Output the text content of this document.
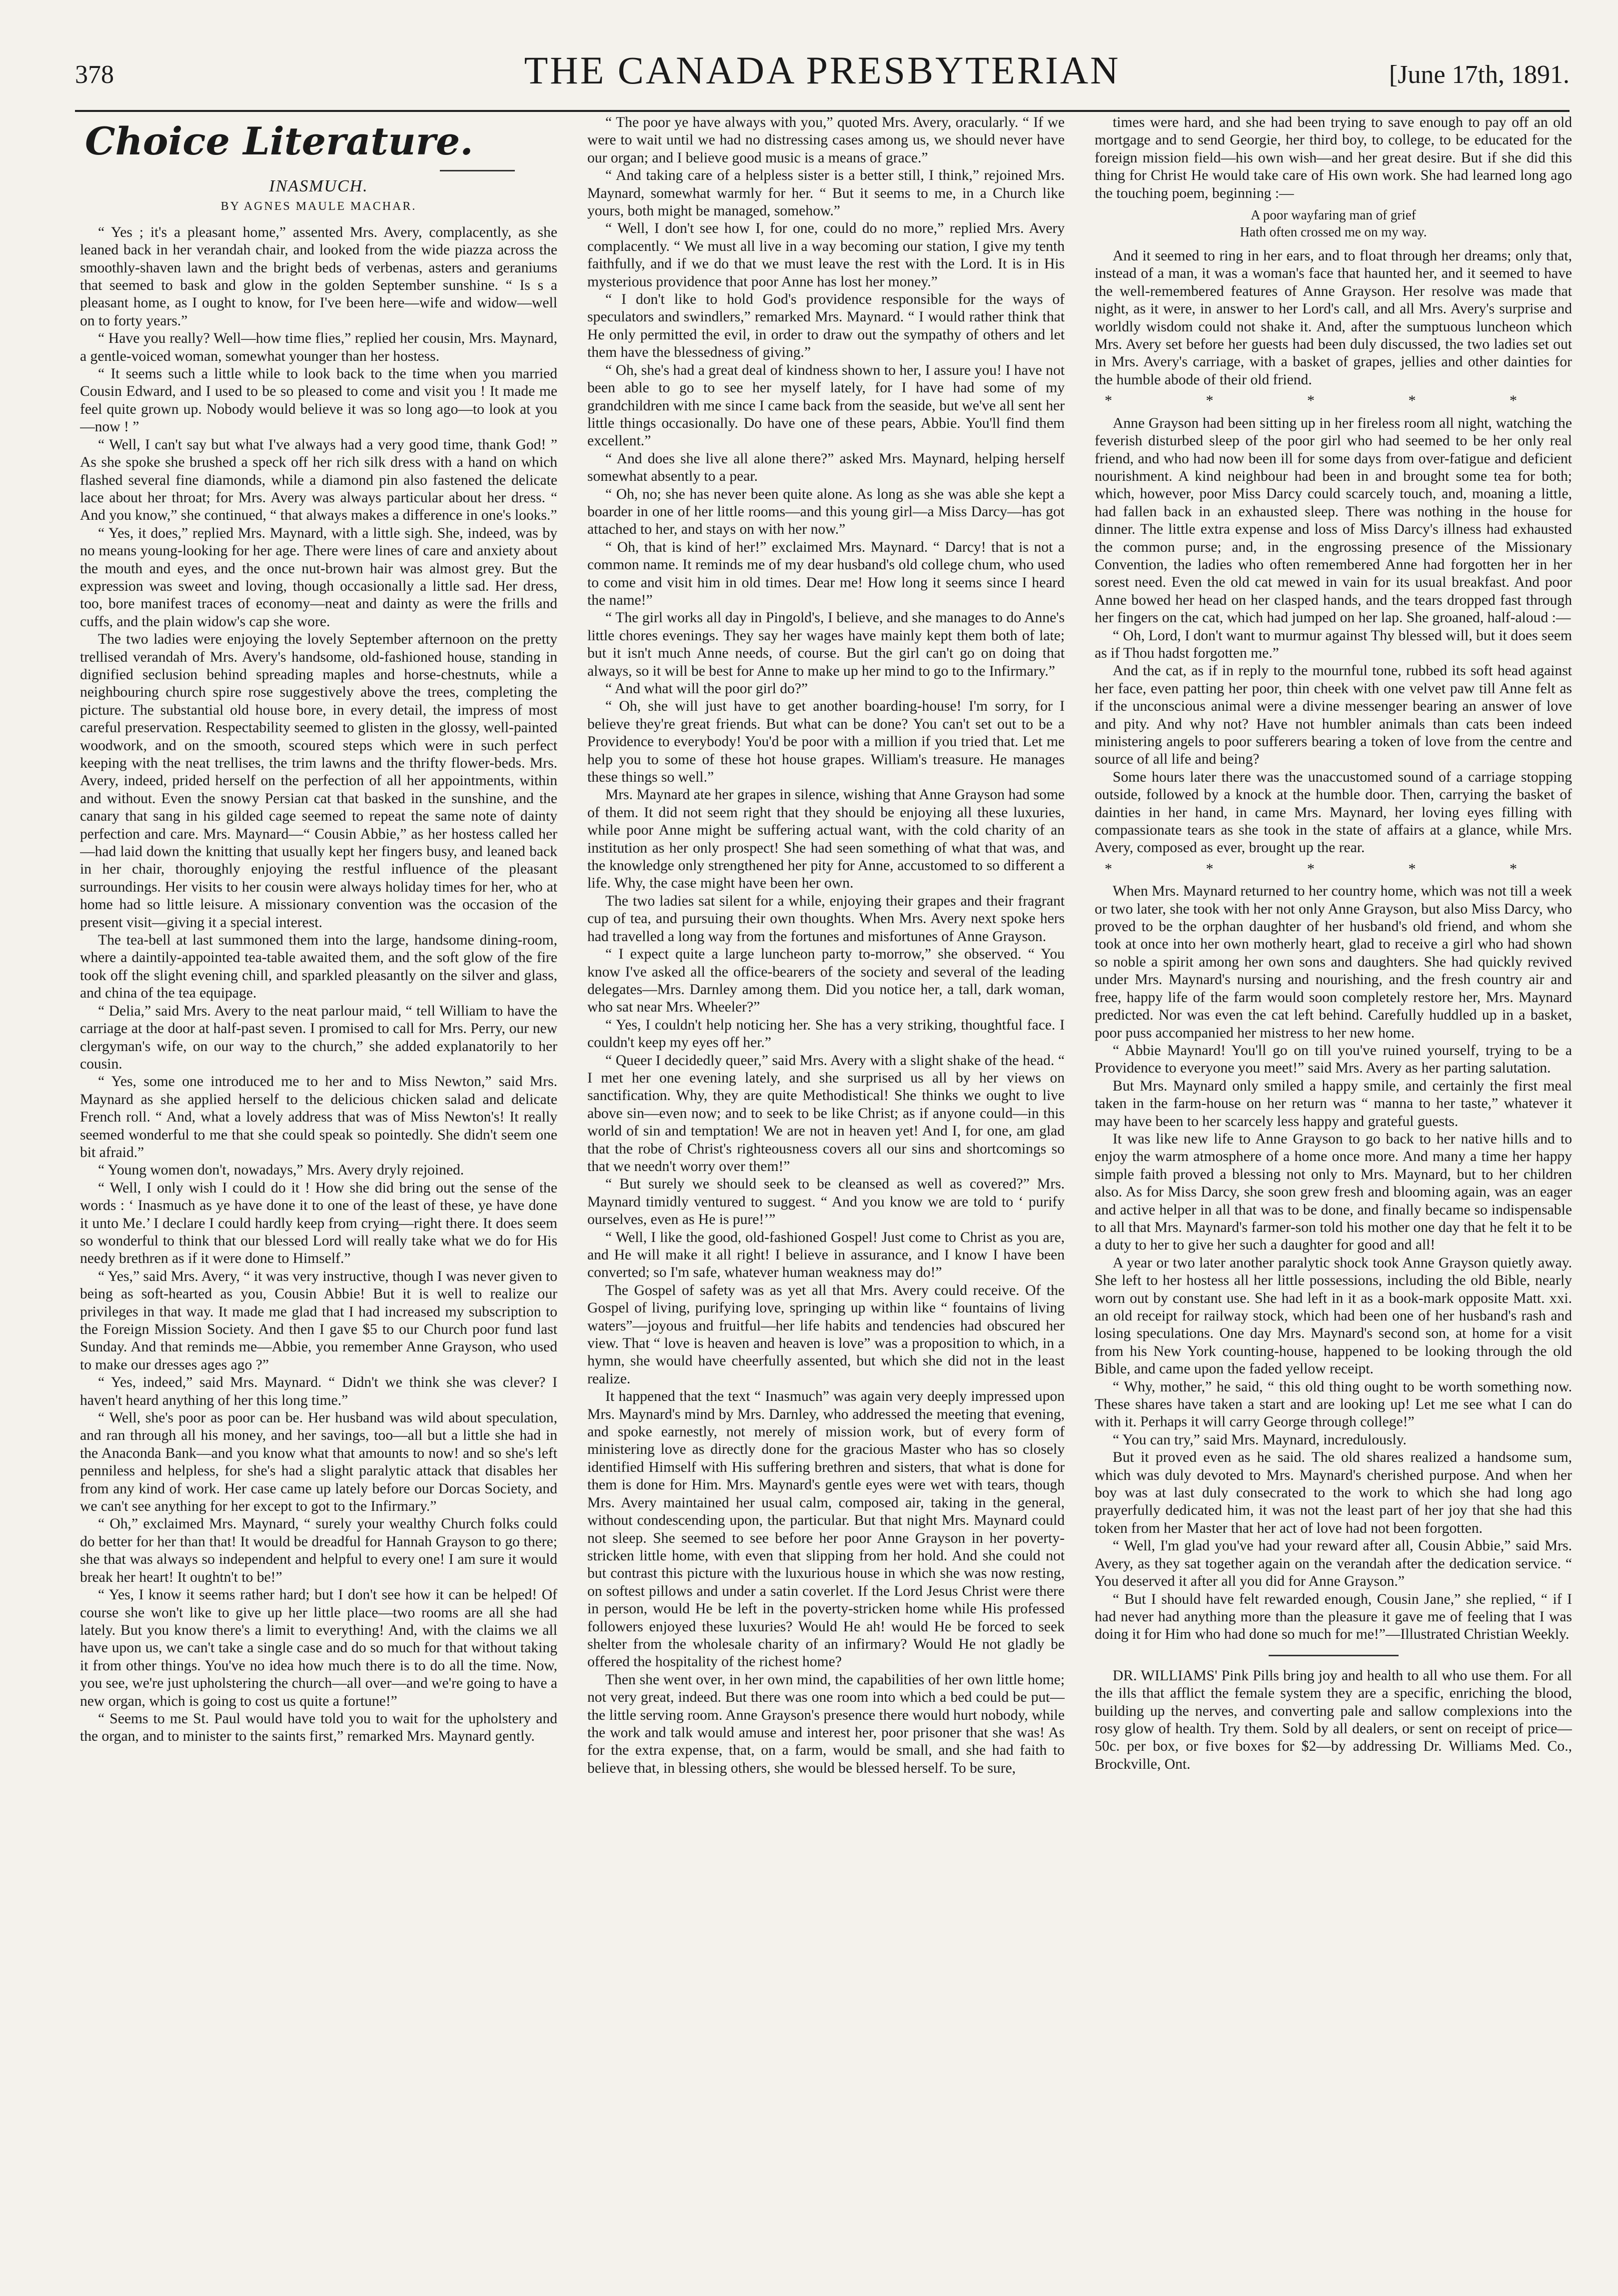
378	THE CANADA PRESBYTERIAN	[June 17th, 1891.
Choice Literature.
INASMUCH.
BY AGNES MAULE MACHAR.

“ Yes ; it's a pleasant home,” assented Mrs. Avery, complacently, as she leaned back in her verandah chair, and looked from the wide piazza across the smoothly-shaven lawn and the bright beds of verbenas, asters and geraniums that seemed to bask and glow in the golden September sunshine. “ Is s a pleasant home, as I ought to know, for I've been here—wife and widow—well on to forty years.”

“ Have you really? Well—how time flies,” replied her cousin, Mrs. Maynard, a gentle-voiced woman, somewhat younger than her hostess.

“ It seems such a little while to look back to the time when you married Cousin Edward, and I used to be so pleased to come and visit you ! It made me feel quite grown up. Nobody would believe it was so long ago—to look at you—now ! ”

“ Well, I can't say but what I've always had a very good time, thank God! ” As she spoke she brushed a speck off her rich silk dress with a hand on which flashed several fine diamonds, while a diamond pin also fastened the delicate lace about her throat; for Mrs. Avery was always particular about her dress. “ And you know,” she continued, “ that always makes a difference in one's looks.”

“ Yes, it does,” replied Mrs. Maynard, with a little sigh. She, indeed, was by no means young-looking for her age. There were lines of care and anxiety about the mouth and eyes, and the once nut-brown hair was almost grey. But the expression was sweet and loving, though occasionally a little sad. Her dress, too, bore manifest traces of economy—neat and dainty as were the frills and cuffs, and the plain widow's cap she wore.

The two ladies were enjoying the lovely September afternoon on the pretty trellised verandah of Mrs. Avery's handsome, old-fashioned house, standing in dignified seclusion behind spreading maples and horse-chestnuts, while a neighbouring church spire rose suggestively above the trees, completing the picture. The substantial old house bore, in every detail, the impress of most careful preservation. Respectability seemed to glisten in the glossy, well-painted woodwork, and on the smooth, scoured steps which were in such perfect keeping with the neat trellises, the trim lawns and the thrifty flower-beds. Mrs. Avery, indeed, prided herself on the perfection of all her appointments, within and without. Even the snowy Persian cat that basked in the sunshine, and the canary that sang in his gilded cage seemed to repeat the same note of dainty perfection and care. Mrs. Maynard—“ Cousin Abbie,” as her hostess called her—had laid down the knitting that usually kept her fingers busy, and leaned back in her chair, thoroughly enjoying the restful influence of the pleasant surroundings. Her visits to her cousin were always holiday times for her, who at home had so little leisure. A missionary convention was the occasion of the present visit—giving it a special interest.

The tea-bell at last summoned them into the large, handsome dining-room, where a daintily-appointed tea-table awaited them, and the soft glow of the fire took off the slight evening chill, and sparkled pleasantly on the silver and glass, and china of the tea equipage.

“ Delia,” said Mrs. Avery to the neat parlour maid, “ tell William to have the carriage at the door at half-past seven. I promised to call for Mrs. Perry, our new clergyman's wife, on our way to the church,” she added explanatorily to her cousin.

“ Yes, some one introduced me to her and to Miss Newton,” said Mrs. Maynard as she applied herself to the delicious chicken salad and delicate French roll. “ And, what a lovely address that was of Miss Newton's! It really seemed wonderful to me that she could speak so pointedly. She didn't seem one bit afraid.”

“ Young women don't, nowadays,” Mrs. Avery dryly rejoined.

“ Well, I only wish I could do it ! How she did bring out the sense of the words : ‘ Inasmuch as ye have done it to one of the least of these, ye have done it unto Me.’ I declare I could hardly keep from crying—right there. It does seem so wonderful to think that our blessed Lord will really take what we do for His needy brethren as if it were done to Himself.”

“ Yes,” said Mrs. Avery, “ it was very instructive, though I was never given to being as soft-hearted as you, Cousin Abbie! But it is well to realize our privileges in that way. It made me glad that I had increased my subscription to the Foreign Mission Society. And then I gave $5 to our Church poor fund last Sunday. And that reminds me—Abbie, you remember Anne Grayson, who used to make our dresses ages ago ?”

“ Yes, indeed,” said Mrs. Maynard. “ Didn't we think she was clever? I haven't heard anything of her this long time.”

“ Well, she's poor as poor can be. Her husband was wild about speculation, and ran through all his money, and her savings, too—all but a little she had in the Anaconda Bank—and you know what that amounts to now! and so she's left penniless and helpless, for she's had a slight paralytic attack that disables her from any kind of work. Her case came up lately before our Dorcas Society, and we can't see anything for her except to got to the Infirmary.”

“ Oh,” exclaimed Mrs. Maynard, “ surely your wealthy Church folks could do better for her than that! It would be dreadful for Hannah Grayson to go there; she that was always so independent and helpful to every one! I am sure it would break her heart! It oughtn't to be!”

“ Yes, I know it seems rather hard; but I don't see how it can be helped! Of course she won't like to give up her little place—two rooms are all she had lately. But you know there's a limit to everything! And, with the claims we all have upon us, we can't take a single case and do so much for that without taking it from other things. You've no idea how much there is to do all the time. Now, you see, we're just upholstering the church—all over—and we're going to have a new organ, which is going to cost us quite a fortune!”

“ Seems to me St. Paul would have told you to wait for the upholstery and the organ, and to minister to the saints first,” remarked Mrs. Maynard gently.

“ The poor ye have always with you,” quoted Mrs. Avery, oracularly. “ If we were to wait until we had no distressing cases among us, we should never have our organ; and I believe good music is a means of grace.”

“ And taking care of a helpless sister is a better still, I think,” rejoined Mrs. Maynard, somewhat warmly for her. “ But it seems to me, in a Church like yours, both might be managed, somehow.”

“ Well, I don't see how I, for one, could do no more,” replied Mrs. Avery complacently. “ We must all live in a way becoming our station, I give my tenth faithfully, and if we do that we must leave the rest with the Lord. It is in His mysterious providence that poor Anne has lost her money.”

“ I don't like to hold God's providence responsible for the ways of speculators and swindlers,” remarked Mrs. Maynard. “ I would rather think that He only permitted the evil, in order to draw out the sympathy of others and let them have the blessedness of giving.”

“ Oh, she's had a great deal of kindness shown to her, I assure you! I have not been able to go to see her myself lately, for I have had some of my grandchildren with me since I came back from the seaside, but we've all sent her little things occasionally. Do have one of these pears, Abbie. You'll find them excellent.”

“ And does she live all alone there?” asked Mrs. Maynard, helping herself somewhat absently to a pear.

“ Oh, no; she has never been quite alone. As long as she was able she kept a boarder in one of her little rooms—and this young girl—a Miss Darcy—has got attached to her, and stays on with her now.”

“ Oh, that is kind of her!” exclaimed Mrs. Maynard. “ Darcy! that is not a common name. It reminds me of my dear husband's old college chum, who used to come and visit him in old times. Dear me! How long it seems since I heard the name!”

“ The girl works all day in Pingold's, I believe, and she manages to do Anne's little chores evenings. They say her wages have mainly kept them both of late; but it isn't much Anne needs, of course. But the girl can't go on doing that always, so it will be best for Anne to make up her mind to go to the Infirmary.”

“ And what will the poor girl do?”

“ Oh, she will just have to get another boarding-house! I'm sorry, for I believe they're great friends. But what can be done? You can't set out to be a Providence to everybody! You'd be poor with a million if you tried that. Let me help you to some of these hot house grapes. William's treasure. He manages these things so well.”

Mrs. Maynard ate her grapes in silence, wishing that Anne Grayson had some of them. It did not seem right that they should be enjoying all these luxuries, while poor Anne might be suffering actual want, with the cold charity of an institution as her only prospect! She had seen something of what that was, and the knowledge only strengthened her pity for Anne, accustomed to so different a life. Why, the case might have been her own.

The two ladies sat silent for a while, enjoying their grapes and their fragrant cup of tea, and pursuing their own thoughts. When Mrs. Avery next spoke hers had travelled a long way from the fortunes and misfortunes of Anne Grayson.

“ I expect quite a large luncheon party to-morrow,” she observed. “ You know I've asked all the office-bearers of the society and several of the leading delegates—Mrs. Darnley among them. Did you notice her, a tall, dark woman, who sat near Mrs. Wheeler?”

“ Yes, I couldn't help noticing her. She has a very striking, thoughtful face. I couldn't keep my eyes off her.”

“ Queer I decidedly queer,” said Mrs. Avery with a slight shake of the head. “ I met her one evening lately, and she surprised us all by her views on sanctification. Why, they are quite Methodistical! She thinks we ought to live above sin—even now; and to seek to be like Christ; as if anyone could—in this world of sin and temptation! We are not in heaven yet! And I, for one, am glad that the robe of Christ's righteousness covers all our sins and shortcomings so that we needn't worry over them!”

“ But surely we should seek to be cleansed as well as covered?” Mrs. Maynard timidly ventured to suggest. “ And you know we are told to ‘ purify ourselves, even as He is pure!’”

“ Well, I like the good, old-fashioned Gospel! Just come to Christ as you are, and He will make it all right! I believe in assurance, and I know I have been converted; so I'm safe, whatever human weakness may do!”

The Gospel of safety was as yet all that Mrs. Avery could receive. Of the Gospel of living, purifying love, springing up within like “ fountains of living waters”—joyous and fruitful—her life habits and tendencies had obscured her view. That “ love is heaven and heaven is love” was a proposition to which, in a hymn, she would have cheerfully assented, but which she did not in the least realize.

It happened that the text “ Inasmuch” was again very deeply impressed upon Mrs. Maynard's mind by Mrs. Darnley, who addressed the meeting that evening, and spoke earnestly, not merely of mission work, but of every form of ministering love as directly done for the gracious Master who has so closely identified Himself with His suffering brethren and sisters, that what is done for them is done for Him. Mrs. Maynard's gentle eyes were wet with tears, though Mrs. Avery maintained her usual calm, composed air, taking in the general, without condescending upon, the particular. But that night Mrs. Maynard could not sleep. She seemed to see before her poor Anne Grayson in her poverty-stricken little home, with even that slipping from her hold. And she could not but contrast this picture with the luxurious house in which she was now resting, on softest pillows and under a satin coverlet. If the Lord Jesus Christ were there in person, would He be left in the poverty-stricken home while His professed followers enjoyed these luxuries? Would He ah! would He be forced to seek shelter from the wholesale charity of an infirmary? Would He not gladly be offered the hospitality of the richest home?

Then she went over, in her own mind, the capabilities of her own little home; not very great, indeed. But there was one room into which a bed could be put—the little serving room. Anne Grayson's presence there would hurt nobody, while the work and talk would amuse and interest her, poor prisoner that she was! As for the extra expense, that, on a farm, would be small, and she had faith to believe that, in blessing others, she would be blessed herself. To be sure,

times were hard, and she had been trying to save enough to pay off an old mortgage and to send Georgie, her third boy, to college, to be educated for the foreign mission field—his own wish—and her great desire. But if she did this thing for Christ He would take care of His own work. She had learned long ago the touching poem, beginning :—

A poor wayfaring man of grief
Hath often crossed me on my way.

And it seemed to ring in her ears, and to float through her dreams; only that, instead of a man, it was a woman's face that haunted her, and it seemed to have the well-remembered features of Anne Grayson. Her resolve was made that night, as it were, in answer to her Lord's call, and all Mrs. Avery's surprise and worldly wisdom could not shake it. And, after the sumptuous luncheon which Mrs. Avery set before her guests had been duly discussed, the two ladies set out in Mrs. Avery's carriage, with a basket of grapes, jellies and other dainties for the humble abode of their old friend.

* * * * *

Anne Grayson had been sitting up in her fireless room all night, watching the feverish disturbed sleep of the poor girl who had seemed to be her only real friend, and who had now been ill for some days from over-fatigue and deficient nourishment. A kind neighbour had been in and brought some tea for both; which, however, poor Miss Darcy could scarcely touch, and, moaning a little, had fallen back in an exhausted sleep. There was nothing in the house for dinner. The little extra expense and loss of Miss Darcy's illness had exhausted the common purse; and, in the engrossing presence of the Missionary Convention, the ladies who often remembered Anne had forgotten her in her sorest need. Even the old cat mewed in vain for its usual breakfast. And poor Anne bowed her head on her clasped hands, and the tears dropped fast through her fingers on the cat, which had jumped on her lap. She groaned, half-aloud :—

“ Oh, Lord, I don't want to murmur against Thy blessed will, but it does seem as if Thou hadst forgotten me.”

And the cat, as if in reply to the mournful tone, rubbed its soft head against her face, even patting her poor, thin cheek with one velvet paw till Anne felt as if the unconscious animal were a divine messenger bearing an answer of love and pity. And why not? Have not humbler animals than cats been indeed ministering angels to poor sufferers bearing a token of love from the centre and source of all life and being?

Some hours later there was the unaccustomed sound of a carriage stopping outside, followed by a knock at the humble door. Then, carrying the basket of dainties in her hand, in came Mrs. Maynard, her loving eyes filling with compassionate tears as she took in the state of affairs at a glance, while Mrs. Avery, composed as ever, brought up the rear.

* * * * *

When Mrs. Maynard returned to her country home, which was not till a week or two later, she took with her not only Anne Grayson, but also Miss Darcy, who proved to be the orphan daughter of her husband's old friend, and whom she took at once into her own motherly heart, glad to receive a girl who had shown so noble a spirit among her own sons and daughters. She had quickly revived under Mrs. Maynard's nursing and nourishing, and the fresh country air and free, happy life of the farm would soon completely restore her, Mrs. Maynard predicted. Nor was even the cat left behind. Carefully huddled up in a basket, poor puss accompanied her mistress to her new home.

“ Abbie Maynard! You'll go on till you've ruined yourself, trying to be a Providence to everyone you meet!” said Mrs. Avery as her parting salutation.

But Mrs. Maynard only smiled a happy smile, and certainly the first meal taken in the farm-house on her return was “ manna to her taste,” whatever it may have been to her scarcely less happy and grateful guests.

It was like new life to Anne Grayson to go back to her native hills and to enjoy the warm atmosphere of a home once more. And many a time her happy simple faith proved a blessing not only to Mrs. Maynard, but to her children also. As for Miss Darcy, she soon grew fresh and blooming again, was an eager and active helper in all that was to be done, and finally became so indispensable to all that Mrs. Maynard's farmer-son told his mother one day that he felt it to be a duty to her to give her such a daughter for good and all!

A year or two later another paralytic shock took Anne Grayson quietly away. She left to her hostess all her little possessions, including the old Bible, nearly worn out by constant use. She had left in it as a book-mark opposite Matt. xxi. an old receipt for railway stock, which had been one of her husband's rash and losing speculations. One day Mrs. Maynard's second son, at home for a visit from his New York counting-house, happened to be looking through the old Bible, and came upon the faded yellow receipt.

“ Why, mother,” he said, “ this old thing ought to be worth something now. These shares have taken a start and are looking up! Let me see what I can do with it. Perhaps it will carry George through college!”

“ You can try,” said Mrs. Maynard, incredulously.

But it proved even as he said. The old shares realized a handsome sum, which was duly devoted to Mrs. Maynard's cherished purpose. And when her boy was at last duly consecrated to the work to which she had long ago prayerfully dedicated him, it was not the least part of her joy that she had this token from her Master that her act of love had not been forgotten.

“ Well, I'm glad you've had your reward after all, Cousin Abbie,” said Mrs. Avery, as they sat together again on the verandah after the dedication service. “ You deserved it after all you did for Anne Grayson.”

“ But I should have felt rewarded enough, Cousin Jane,” she replied, “ if I had never had anything more than the pleasure it gave me of feeling that I was doing it for Him who had done so much for me!”—Illustrated Christian Weekly.

DR. WILLIAMS' Pink Pills bring joy and health to all who use them. For all the ills that afflict the female system they are a specific, enriching the blood, building up the nerves, and converting pale and sallow complexions into the rosy glow of health. Try them. Sold by all dealers, or sent on receipt of price—50c. per box, or five boxes for $2—by addressing Dr. Williams Med. Co., Brockville, Ont.
